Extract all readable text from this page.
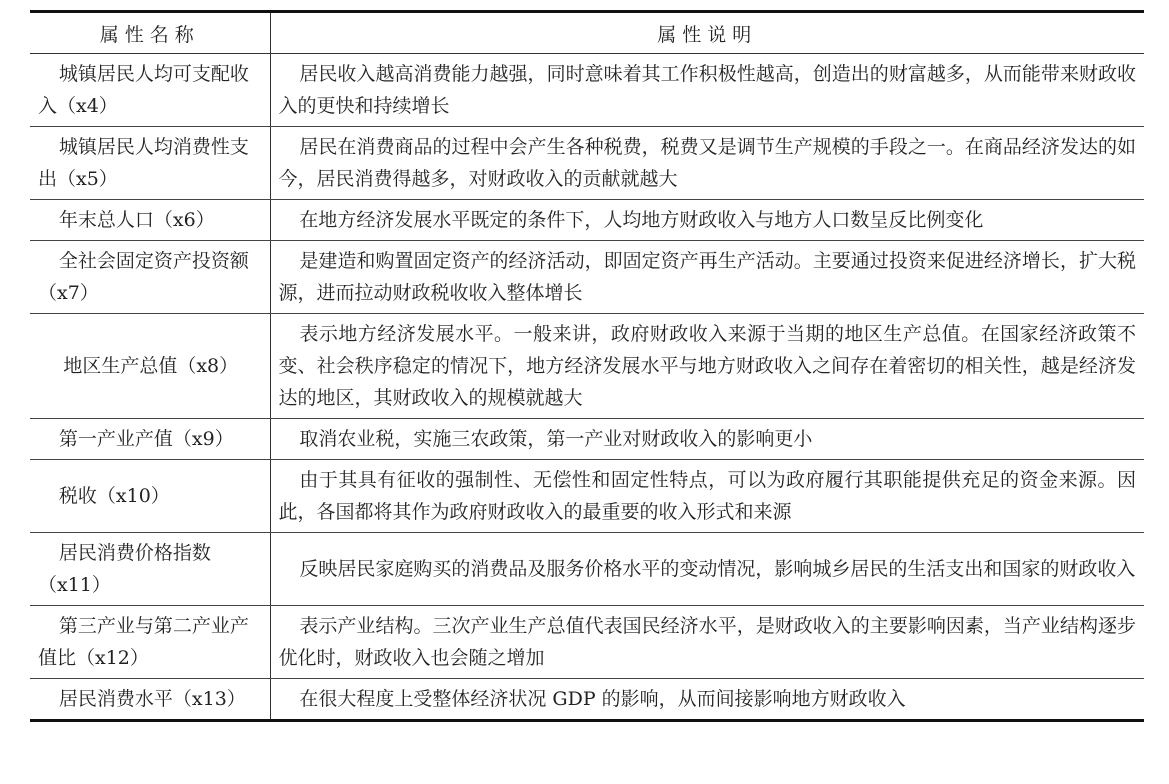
属性名称	属性说明
城镇居民人均可支配收入（x4）	居民收入越高消费能力越强，同时意味着其工作积极性越高，创造出的财富越多，从而能带来财政收入的更快和持续增长
城镇居民人均消费性支出（x5）	居民在消费商品的过程中会产生各种税费，税费又是调节生产规模的手段之一。在商品经济发达的如今，居民消费得越多，对财政收入的贡献就越大
年末总人口（x6）	在地方经济发展水平既定的条件下，人均地方财政收入与地方人口数呈反比例变化
全社会固定资产投资额（x7）	是建造和购置固定资产的经济活动，即固定资产再生产活动。主要通过投资来促进经济增长，扩大税源，进而拉动财政税收收入整体增长
地区生产总值（x8）	表示地方经济发展水平。一般来讲，政府财政收入来源于当期的地区生产总值。在国家经济政策不变、社会秩序稳定的情况下，地方经济发展水平与地方财政收入之间存在着密切的相关性，越是经济发达的地区，其财政收入的规模就越大
第一产业产值（x9）	取消农业税，实施三农政策，第一产业对财政收入的影响更小
税收（x10）	由于其具有征收的强制性、无偿性和固定性特点，可以为政府履行其职能提供充足的资金来源。因此，各国都将其作为政府财政收入的最重要的收入形式和来源
居民消费价格指数（x11）	反映居民家庭购买的消费品及服务价格水平的变动情况，影响城乡居民的生活支出和国家的财政收入
第三产业与第二产业产值比（x12）	表示产业结构。三次产业生产总值代表国民经济水平，是财政收入的主要影响因素，当产业结构逐步优化时，财政收入也会随之增加
居民消费水平（x13）	在很大程度上受整体经济状况 GDP 的影响，从而间接影响地方财政收入
